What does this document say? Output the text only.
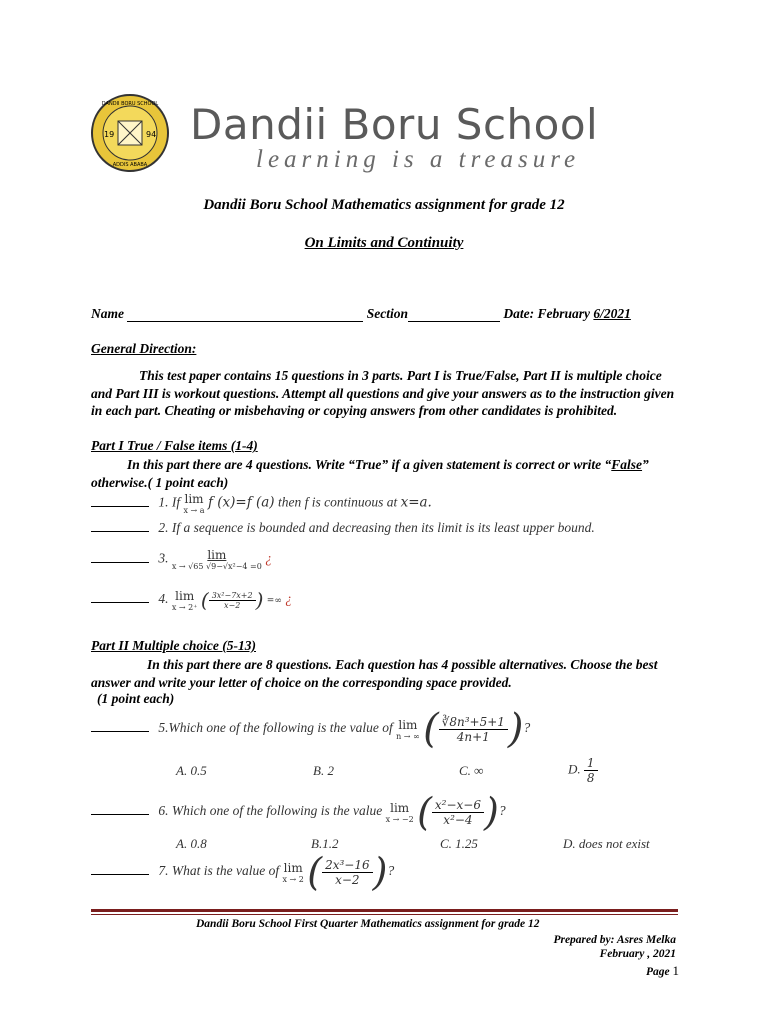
19	94
DANDII BORU SCHOOL
ADDIS ABABA
Dandii Boru School
learning is a treasure
Dandii Boru School Mathematics assignment for grade 12
On Limits and Continuity
Name	Section	Date: February 6/2021
General Direction:
This test paper contains 15 questions in 3 parts. Part I is True/False, Part II is multiple choice and Part III is workout questions. Attempt all questions and give your answers as to the instruction given in each part. Cheating or misbehaving or copying answers from other candidates is prohibited.
Part I True / False items (1-4)
In this part there are 4 questions. Write “True” if a given statement is correct or write “False” otherwise.( 1 point each)
1. If lim
x → a f (x)=f (a) then f is continuous at x=a.
2. If a sequence is bounded and decreasing then its limit is its least upper bound.
3.	lim
x → √65 √9−√x²−4 =0
¿
4. lim
x → 2⁺ ( $\frac{\text{3x²−7x+2}}{x-2}$ ) =∞ ¿
Part II Multiple choice (5-13)
In this part there are 8 questions. Each question has 4 possible alternatives. Choose the best answer and write your letter of choice on the corresponding space provided.
(1 point each)
5.Which one of the following is the value of lim
n → ∞ ( $\frac{\text{∛8n³+5+1}}{4n+1}$ )?
A. 0.5	B. 2	C. ∞	D. $\frac{1}{8}$
6. Which one of the following is the value lim
x → −2 ( $\frac{\text{x²−x−6}}{\text{x²−4}}$ )?
A. 0.8	B.1.2	C. 1.25	D. does not exist
7. What is the value of lim
x → 2 ( $\frac{\text{2x³−16}}{x-2}$ )?
Dandii Boru School First Quarter Mathematics assignment for grade 12
Prepared by: Asres Melka
February , 2021
Page 1
